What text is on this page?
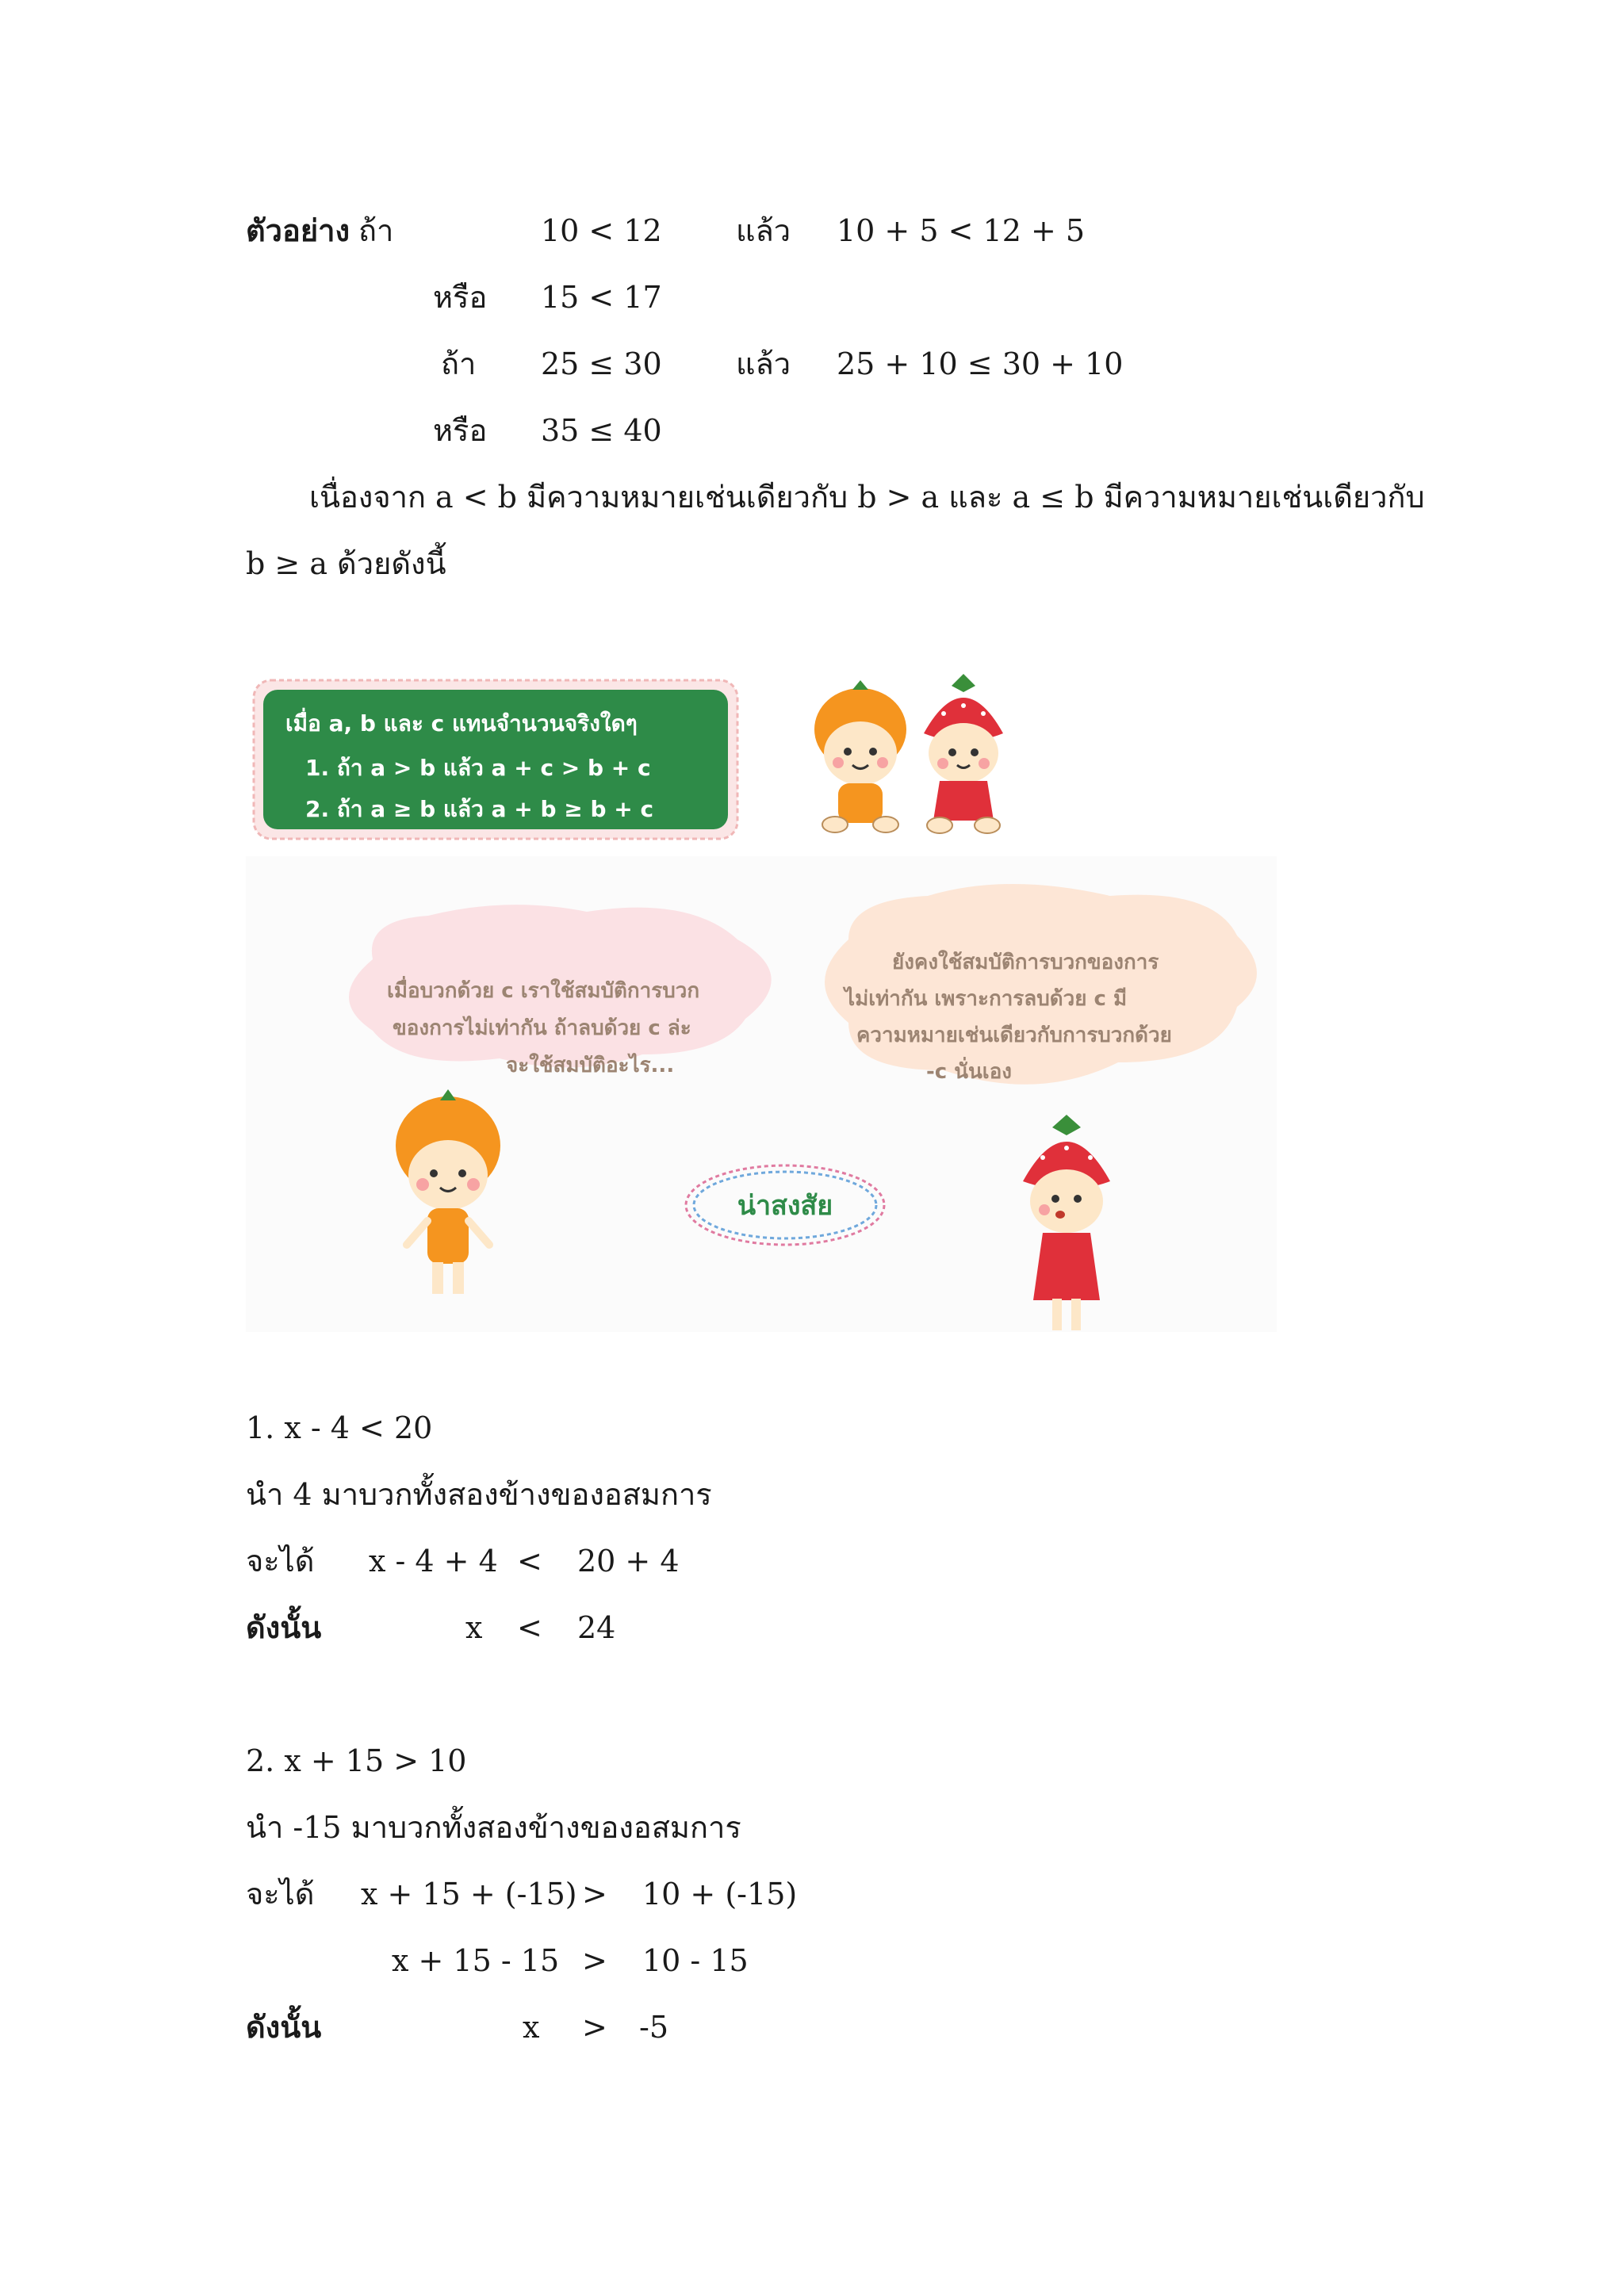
ตัวอย่าง ถ้า	10 < 12 แล้ว 10 + 5 < 12 + 5
หรือ 15 < 17
ถ้า 25 ≤ 30 แล้ว 25 + 10 ≤ 30 + 10
หรือ 35 ≤ 40
เนื่องจาก a < b มีความหมายเช่นเดียวกับ b > a และ a ≤ b มีความหมายเช่นเดียวกับ
b ≥ a ด้วยดังนี้
เมื่อ a, b และ c แทนจำนวนจริงใดๆ
1. ถ้า a > b แล้ว a + c > b + c
2. ถ้า a ≥ b แล้ว a + b ≥ b + c
เมื่อบวกด้วย c เราใช้สมบัติการบวก
ของการไม่เท่ากัน ถ้าลบด้วย c ล่ะ
จะใช้สมบัติอะไร...
ยังคงใช้สมบัติการบวกของการ
ไม่เท่ากัน เพราะการลบด้วย c มี
ความหมายเช่นเดียวกับการบวกด้วย
-c นั่นเอง
น่าสงสัย
1. x - 4 < 20
นำ 4 มาบวกทั้งสองข้างของอสมการ
จะได้ x - 4 + 4 < 20 + 4
ดังนั้น	x < 24
2. x + 15 > 10
นำ -15 มาบวกทั้งสองข้างของอสมการ
จะได้ x + 15 + (-15) > 10 + (-15)
x + 15 - 15 > 10 - 15
ดังนั้น	x > -5
